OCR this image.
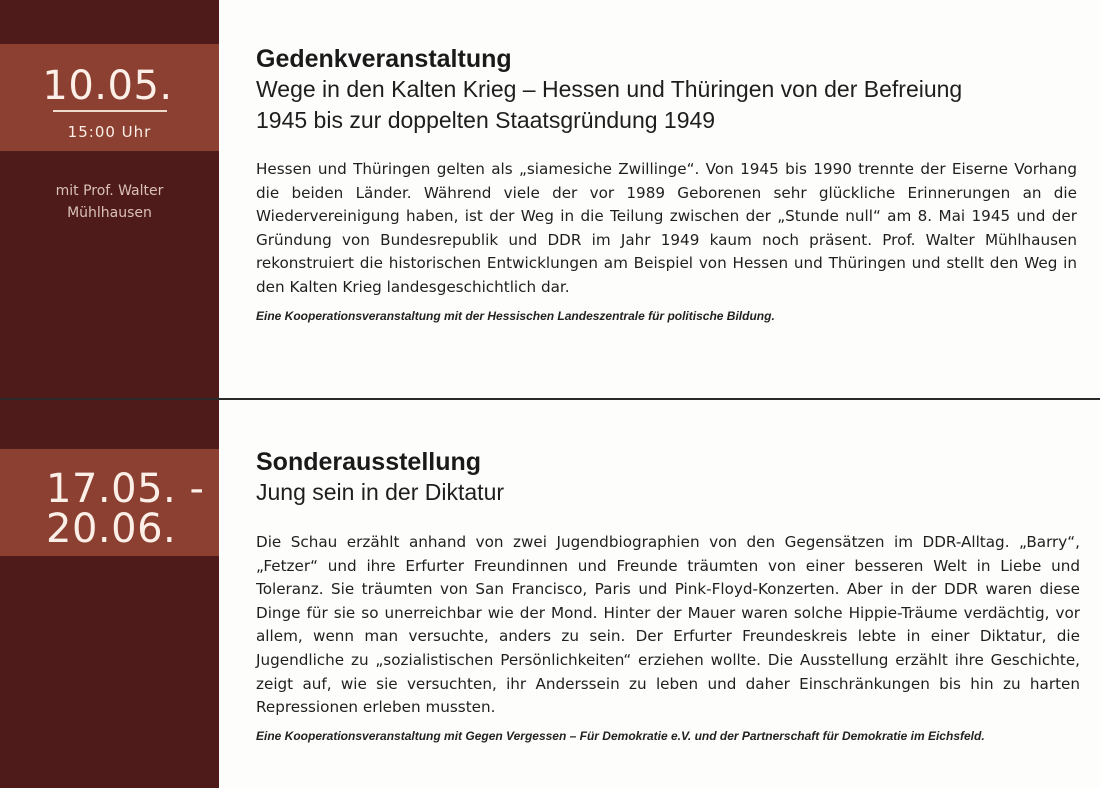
10.05.
15:00 Uhr
mit Prof. Walter
Mühlhausen
17.05. -
20.06.
Gedenkveranstaltung
Wege in den Kalten Krieg – Hessen und Thüringen von der Befreiung
1945 bis zur doppelten Staatsgründung 1949

Hessen und Thüringen gelten als „siamesiche Zwillinge“. Von 1945 bis 1990 trennte der Eiserne Vorhang die beiden Länder. Während viele der vor 1989 Geborenen sehr glückliche Erinnerungen an die Wiedervereinigung haben, ist der Weg in die Teilung zwischen der „Stunde null“ am 8. Mai 1945 und der Gründung von Bundesrepublik und DDR im Jahr 1949 kaum noch präsent. Prof. Walter Mühlhausen rekonstruiert die historischen Entwicklungen am Beispiel von Hessen und Thüringen und stellt den Weg in den Kalten Krieg landesgeschichtlich dar.

Eine Kooperationsveranstaltung mit der Hessischen Landeszentrale für politische Bildung.

Sonderausstellung
Jung sein in der Diktatur

Die Schau erzählt anhand von zwei Jugendbiographien von den Gegensätzen im DDR-Alltag. „Barry“, „Fetzer“ und ihre Erfurter Freundinnen und Freunde träumten von einer besseren Welt in Liebe und Toleranz. Sie träumten von San Francisco, Paris und Pink-Floyd-Konzerten. Aber in der DDR waren diese Dinge für sie so unerreichbar wie der Mond. Hinter der Mauer waren solche Hippie-Träume verdächtig, vor allem, wenn man versuchte, anders zu sein. Der Erfurter Freundeskreis lebte in einer Diktatur, die Jugendliche zu „sozialistischen Persönlichkeiten“ erziehen wollte. Die Ausstellung erzählt ihre Geschichte, zeigt auf, wie sie versuchten, ihr Anderssein zu leben und daher Einschränkungen bis hin zu harten Repressionen erleben mussten.

Eine Kooperationsveranstaltung mit Gegen Vergessen – Für Demokratie e.V. und der Partnerschaft für Demokratie im Eichsfeld.
